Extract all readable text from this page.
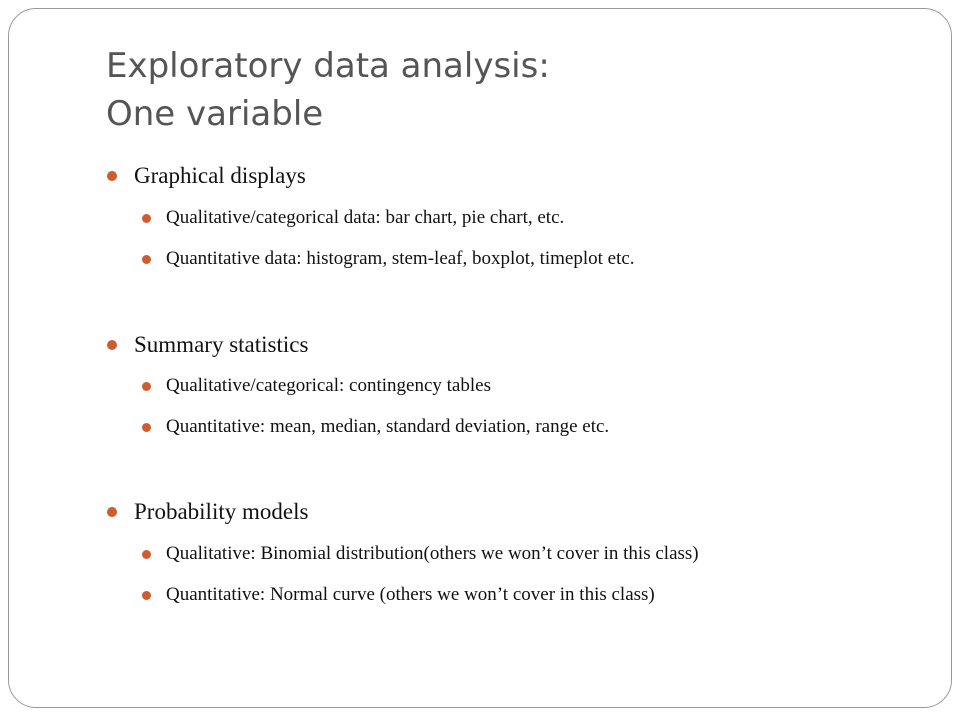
Exploratory data analysis:
One variable
Graphical displays
Qualitative/categorical data: bar chart, pie chart, etc.
Quantitative data: histogram, stem-leaf, boxplot, timeplot etc.
Summary statistics
Qualitative/categorical: contingency tables
Quantitative: mean, median, standard deviation, range etc.
Probability models
Qualitative: Binomial distribution(others we won’t cover in this class)
Quantitative: Normal curve (others we won’t cover in this class)
